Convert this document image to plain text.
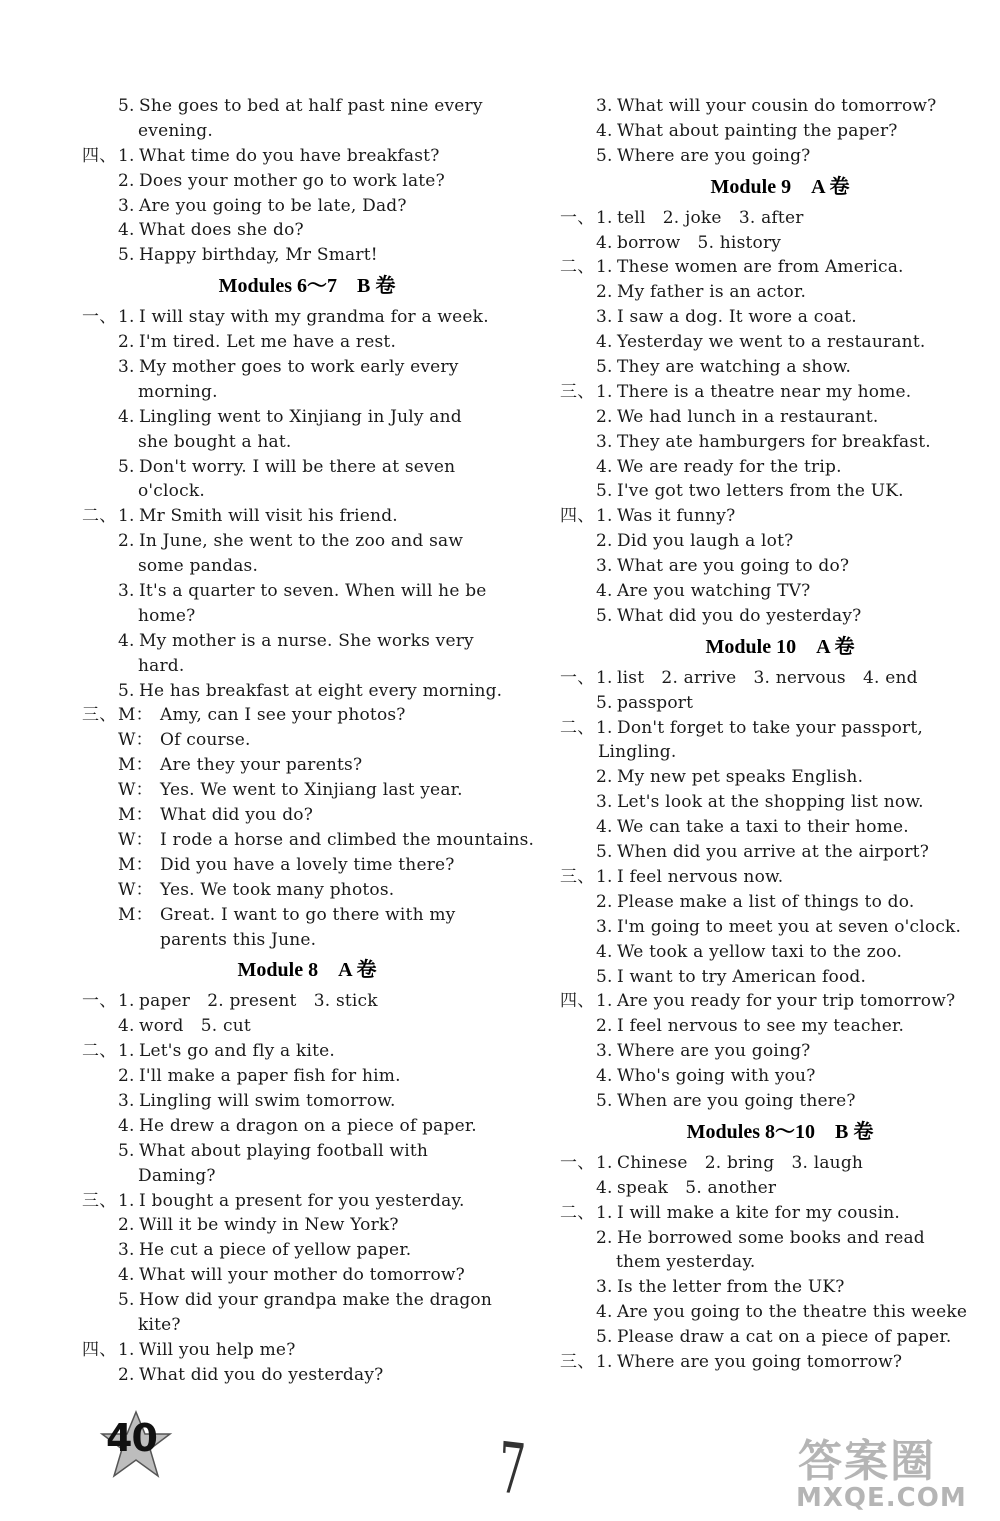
5. She goes to bed at half past nine every
evening.
四、 1. What time do you have breakfast?
2. Does your mother go to work late?
3. Are you going to be late, Dad?
4. What does she do?
5. Happy birthday, Mr Smart!
Modules 6～7　B 卷
一、 1. I will stay with my grandma for a week.
2. I'm tired. Let me have a rest.
3. My mother goes to work early every
morning.
4. Lingling went to Xinjiang in July and
she bought a hat.
5. Don't worry. I will be there at seven
o'clock.
二、 1. Mr Smith will visit his friend.
2. In June, she went to the zoo and saw
some pandas.
3. It's a quarter to seven. When will he be
home?
4. My mother is a nurse. She works very
hard.
5. He has breakfast at eight every morning.
三、 M： Amy, can I see your photos?
W： Of course.
M： Are they your parents?
W： Yes. We went to Xinjiang last year.
M： What did you do?
W： I rode a horse and climbed the mountains.
M： Did you have a lovely time there?
W： Yes. We took many photos.
M： Great. I want to go there with my
parents this June.
Module 8　A 卷
一、 1. paper　2. present　3. stick
4. word　5. cut
二、 1. Let's go and fly a kite.
2. I'll make a paper fish for him.
3. Lingling will swim tomorrow.
4. He drew a dragon on a piece of paper.
5. What about playing football with
Daming?
三、 1. I bought a present for you yesterday.
2. Will it be windy in New York?
3. He cut a piece of yellow paper.
4. What will your mother do tomorrow?
5. How did your grandpa make the dragon
kite?
四、 1. Will you help me?
2. What did you do yesterday?
3. What will your cousin do tomorrow?
4. What about painting the paper?
5. Where are you going?
Module 9　A 卷
一、 1. tell　2. joke　3. after
4. borrow　5. history
二、 1. These women are from America.
2. My father is an actor.
3. I saw a dog. It wore a coat.
4. Yesterday we went to a restaurant.
5. They are watching a show.
三、 1. There is a theatre near my home.
2. We had lunch in a restaurant.
3. They ate hamburgers for breakfast.
4. We are ready for the trip.
5. I've got two letters from the UK.
四、 1. Was it funny?
2. Did you laugh a lot?
3. What are you going to do?
4. Are you watching TV?
5. What did you do yesterday?
Module 10　A 卷
一、 1. list　2. arrive　3. nervous　4. end
5. passport
二、 1. Don't forget to take your passport,
Lingling.
2. My new pet speaks English.
3. Let's look at the shopping list now.
4. We can take a taxi to their home.
5. When did you arrive at the airport?
三、 1. I feel nervous now.
2. Please make a list of things to do.
3. I'm going to meet you at seven o'clock.
4. We took a yellow taxi to the zoo.
5. I want to try American food.
四、 1. Are you ready for your trip tomorrow?
2. I feel nervous to see my teacher.
3. Where are you going?
4. Who's going with you?
5. When are you going there?
Modules 8～10　B 卷
一、 1. Chinese　2. bring　3. laugh
4. speak　5. another
二、 1. I will make a kite for my cousin.
2. He borrowed some books and read
them yesterday.
3. Is the letter from the UK?
4. Are you going to the theatre this weeke
5. Please draw a cat on a piece of paper.
三、 1. Where are you going tomorrow?
40	7	答案圈
MXQE.COM
